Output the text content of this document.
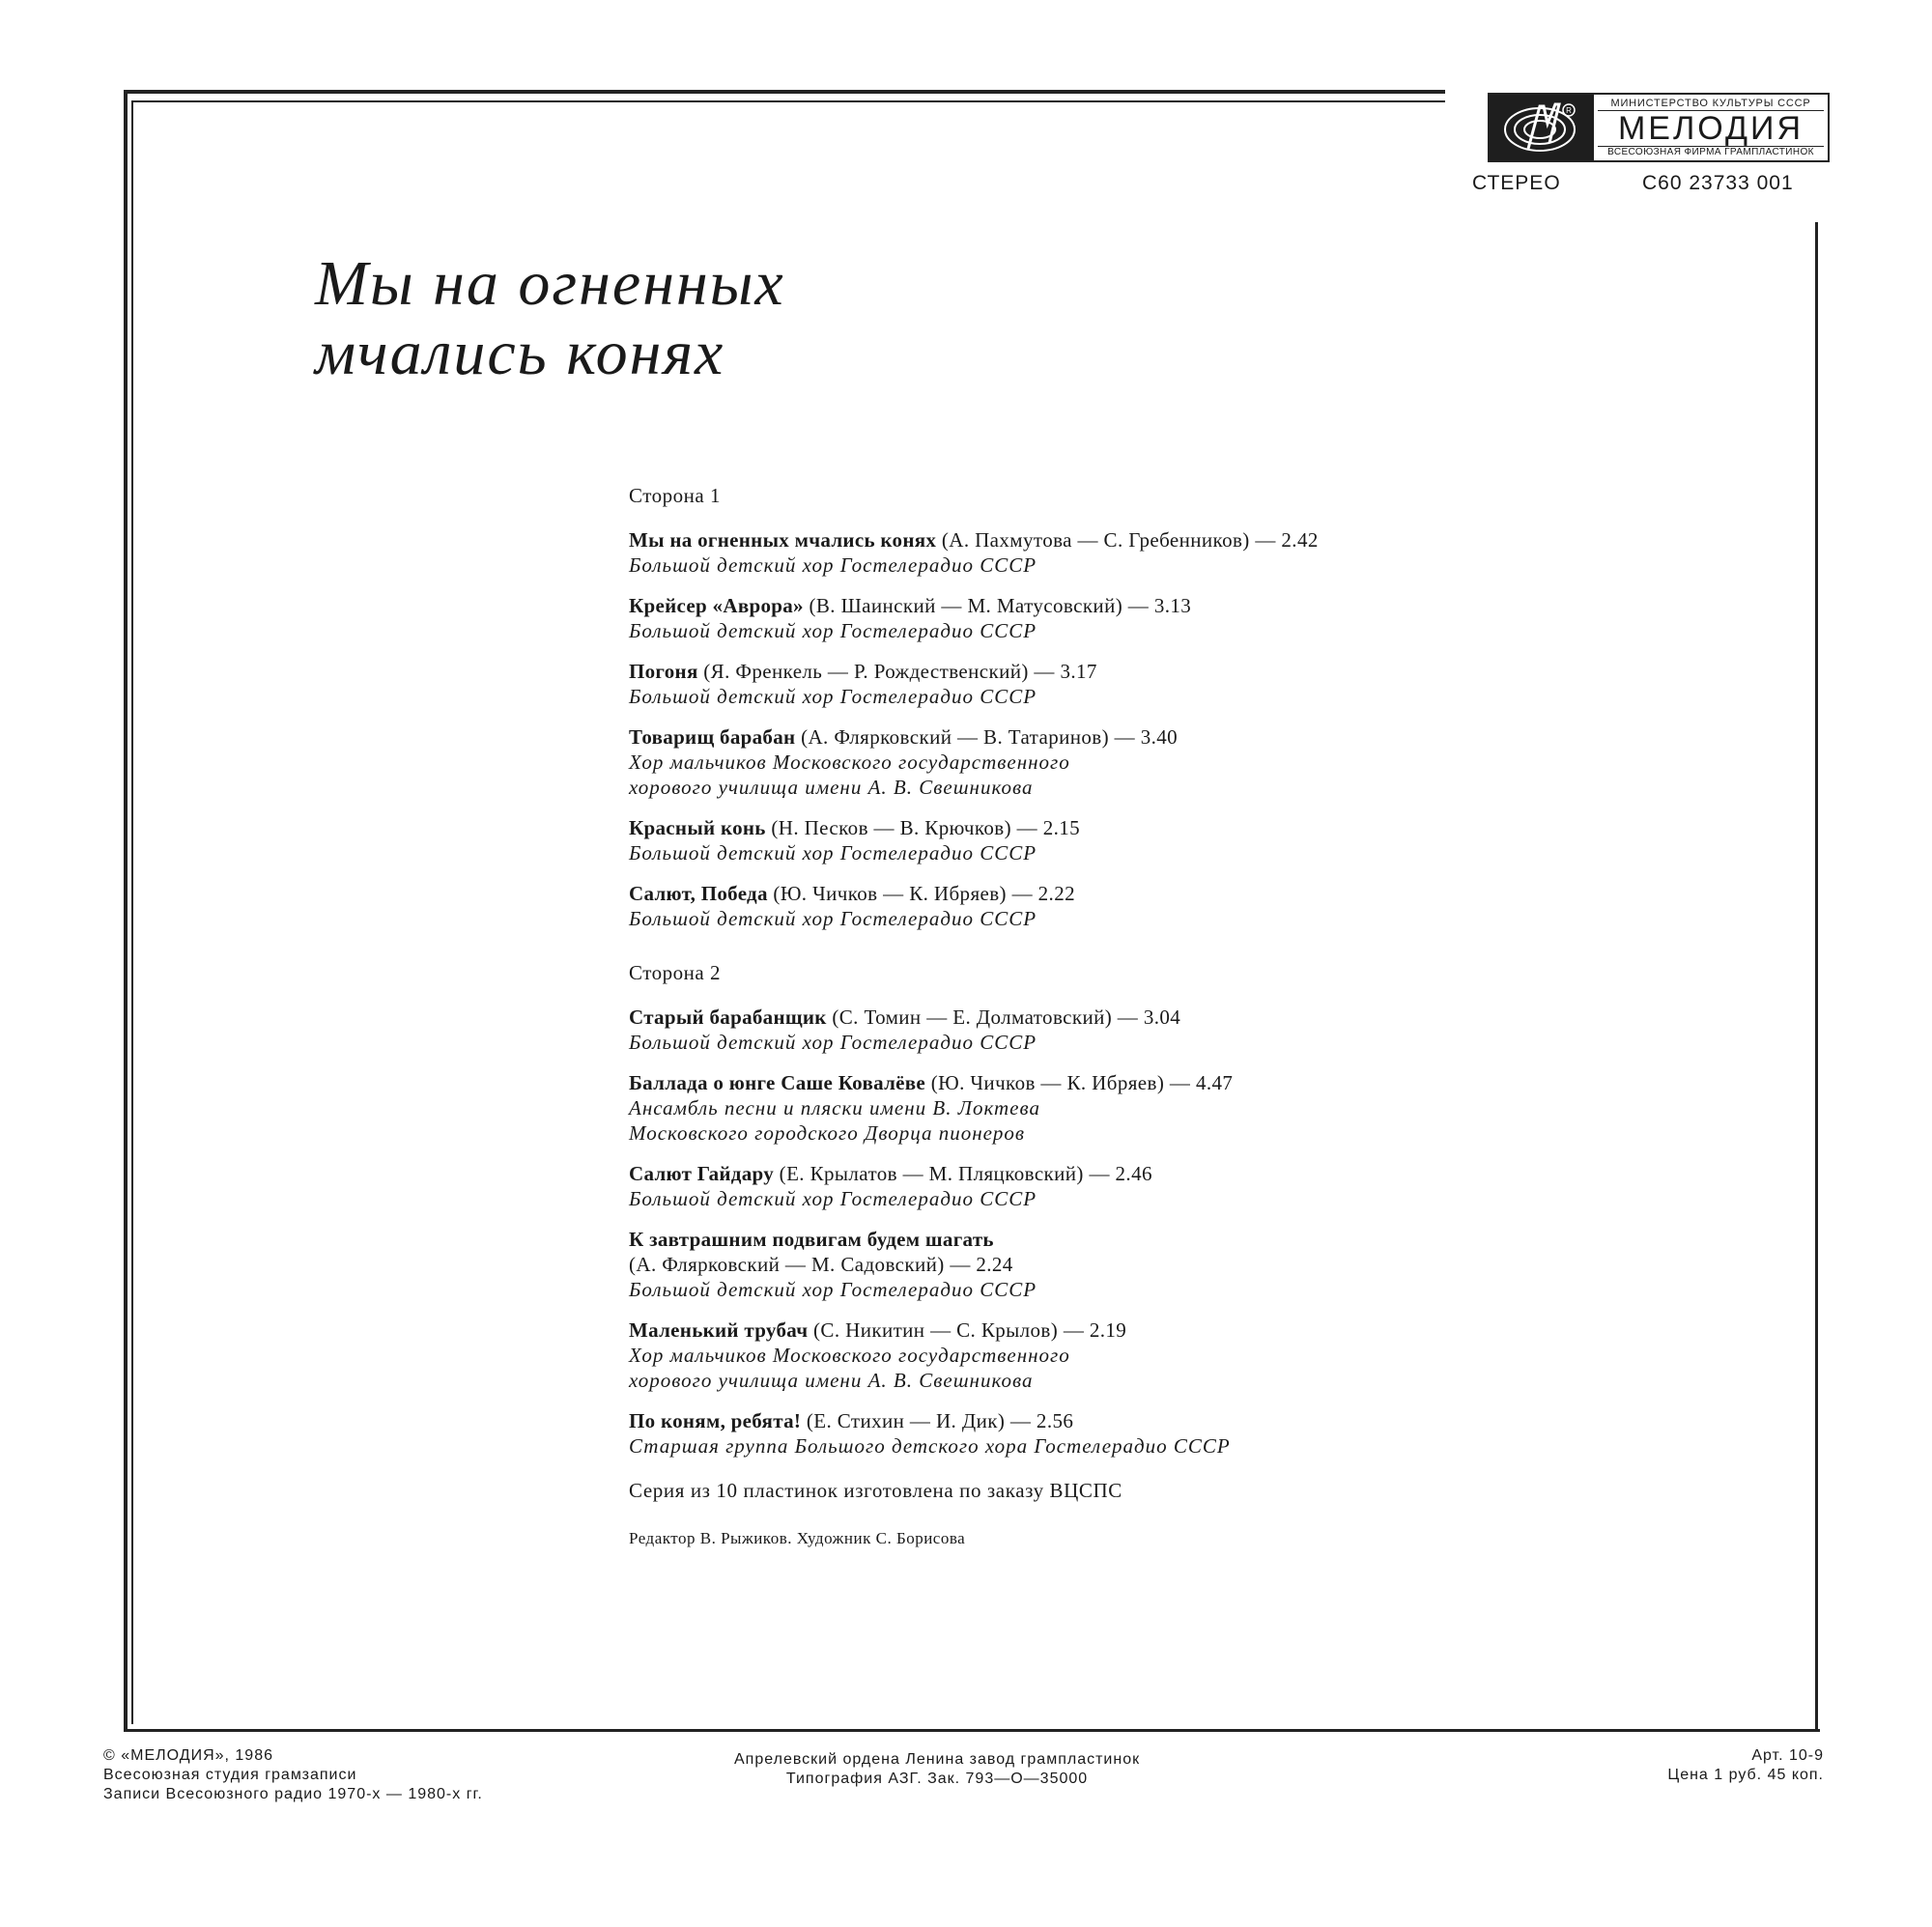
R
МИНИСТЕРСТВО КУЛЬТУРЫ СССР
МЕЛОДИЯ
ВСЕСОЮЗНАЯ ФИРМА ГРАМПЛАСТИНОК
СТЕРЕО	С60 23733 001
Мы на огненных
мчались конях
Сторона 1
Мы на огненных мчались конях (А. Пахмутова — С. Гребенников) — 2.42
Большой детский хор Гостелерадио СССР
Крейсер «Аврора» (В. Шаинский — М. Матусовский) — 3.13
Большой детский хор Гостелерадио СССР
Погоня (Я. Френкель — Р. Рождественский) — 3.17
Большой детский хор Гостелерадио СССР
Товарищ барабан (А. Флярковский — В. Татаринов) — 3.40
Хор мальчиков Московского государственного
хорового училища имени А. В. Свешникова
Красный конь (Н. Песков — В. Крючков) — 2.15
Большой детский хор Гостелерадио СССР
Салют, Победа (Ю. Чичков — К. Ибряев) — 2.22
Большой детский хор Гостелерадио СССР
Сторона 2
Старый барабанщик (С. Томин — Е. Долматовский) — 3.04
Большой детский хор Гостелерадио СССР
Баллада о юнге Саше Ковалёве (Ю. Чичков — К. Ибряев) — 4.47
Ансамбль песни и пляски имени В. Локтева
Московского городского Дворца пионеров
Салют Гайдару (Е. Крылатов — М. Пляцковский) — 2.46
Большой детский хор Гостелерадио СССР
К завтрашним подвигам будем шагать
(А. Флярковский — М. Садовский) — 2.24
Большой детский хор Гостелерадио СССР
Маленький трубач (С. Никитин — С. Крылов) — 2.19
Хор мальчиков Московского государственного
хорового училища имени А. В. Свешникова
По коням, ребята! (Е. Стихин — И. Дик) — 2.56
Старшая группа Большого детского хора Гостелерадио СССР
Серия из 10 пластинок изготовлена по заказу ВЦСПС
Редактор В. Рыжиков. Художник С. Борисова
© «МЕЛОДИЯ», 1986
Всесоюзная студия грамзаписи
Записи Всесоюзного радио 1970-х — 1980-х гг.
Апрелевский ордена Ленина завод грампластинок
Типография АЗГ. Зак. 793—О—35000
Арт. 10-9
Цена 1 руб. 45 коп.
